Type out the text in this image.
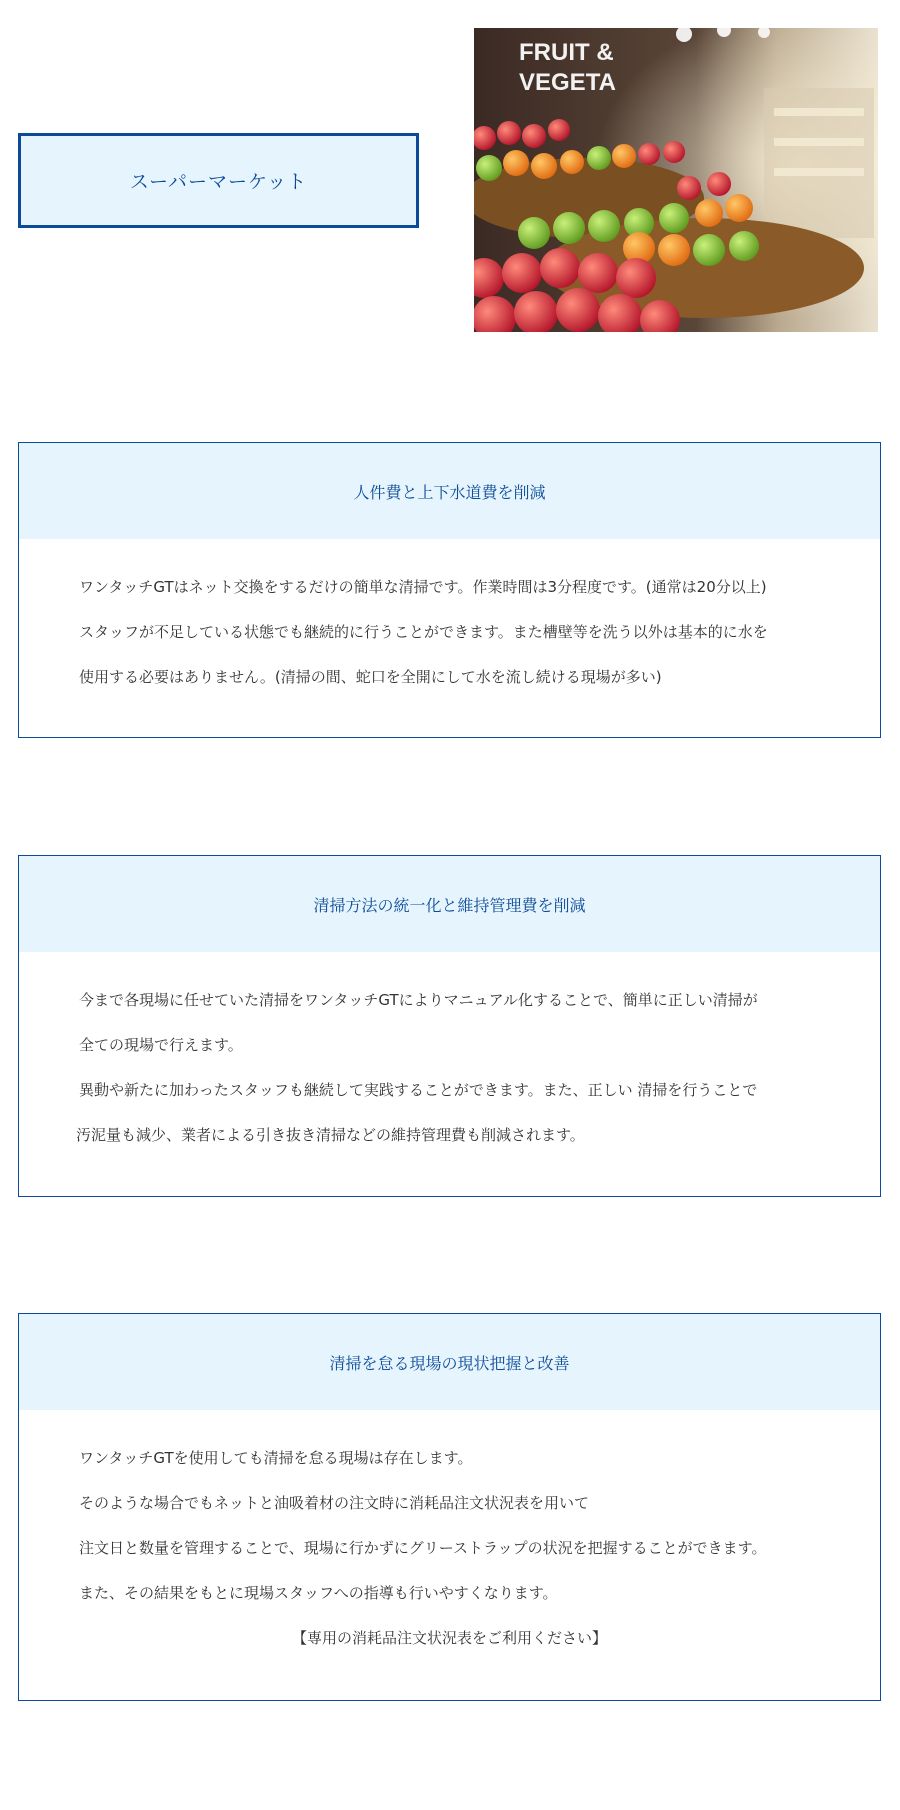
スーパーマーケット
FRUIT &
VEGETA
人件費と上下水道費を削減
ワンタッチGTはネット交換をするだけの簡単な清掃です。作業時間は3分程度です。(通常は20分以上)
スタッフが不足している状態でも継続的に行うことができます。また槽壁等を洗う以外は基本的に水を
使用する必要はありません。(清掃の間、蛇口を全開にして水を流し続ける現場が多い)
清掃方法の統一化と維持管理費を削減
今まで各現場に任せていた清掃をワンタッチGTによりマニュアル化することで、簡単に正しい清掃が
全ての現場で行えます。
異動や新たに加わったスタッフも継続して実践することができます。また、正しい 清掃を行うことで
汚泥量も減少、業者による引き抜き清掃などの維持管理費も削減されます。
清掃を怠る現場の現状把握と改善
ワンタッチGTを使用しても清掃を怠る現場は存在します。
そのような場合でもネットと油吸着材の注文時に消耗品注文状況表を用いて
注文日と数量を管理することで、現場に行かずにグリーストラップの状況を把握することができます。
また、その結果をもとに現場スタッフへの指導も行いやすくなります。
【専用の消耗品注文状況表をご利用ください】
